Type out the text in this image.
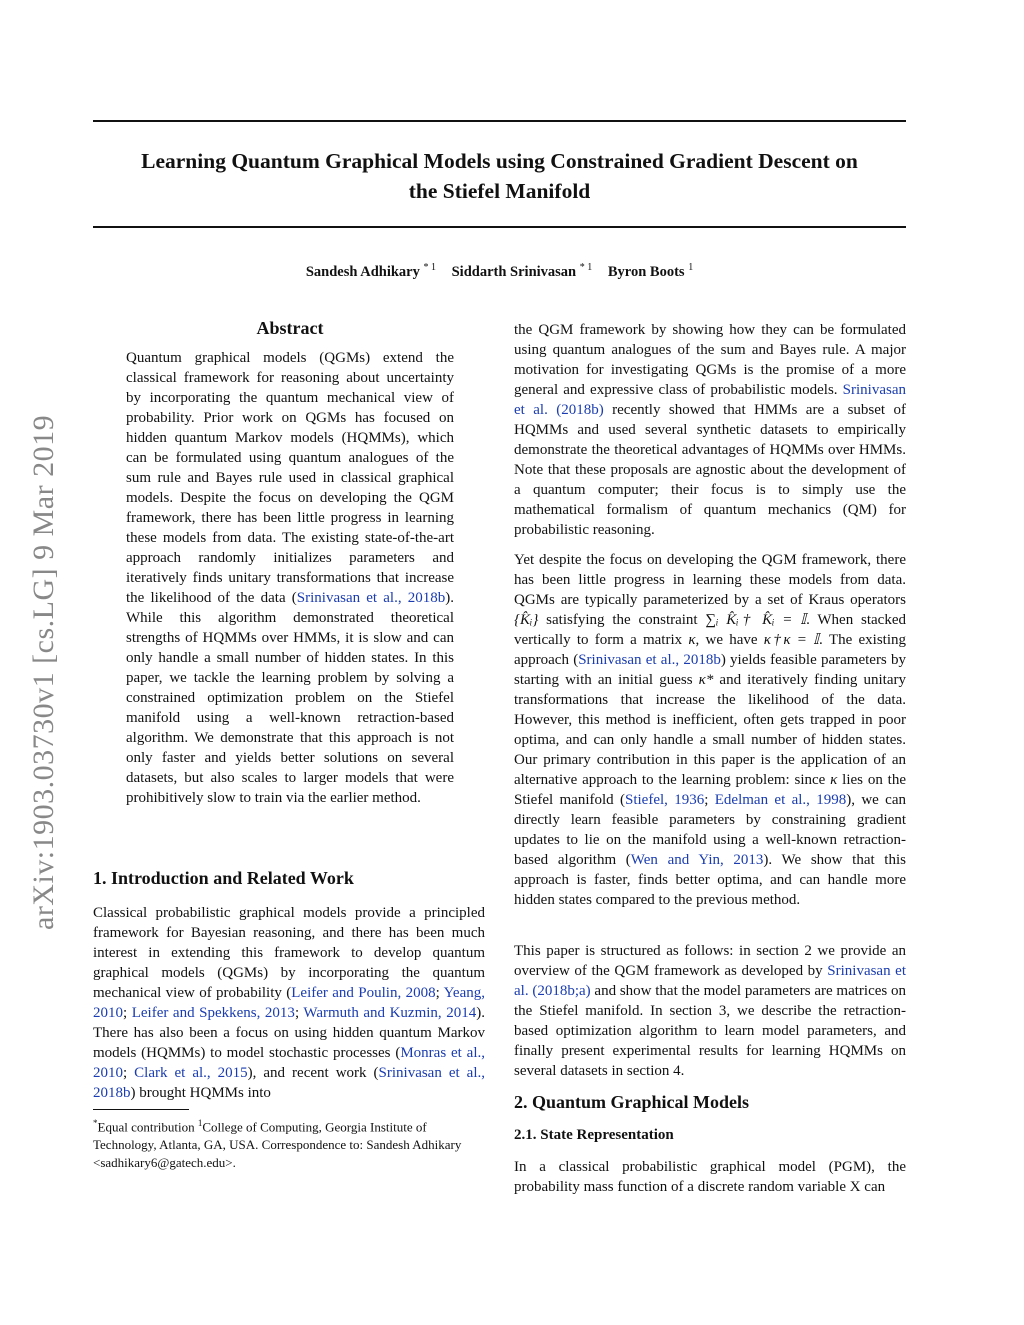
Learning Quantum Graphical Models using Constrained Gradient Descent on
the Stiefel Manifold
Sandesh Adhikary $^{* 1}$ Siddarth Srinivasan $^{* 1}$ Byron Boots $^1$
arXiv:1903.03730v1 [cs.LG] 9 Mar 2019
Abstract

Quantum graphical models (QGMs) extend the classical framework for reasoning about uncertainty by incorporating the quantum mechanical view of probability. Prior work on QGMs has focused on hidden quantum Markov models (HQMMs), which can be formulated using quantum analogues of the sum rule and Bayes rule used in classical graphical models. Despite the focus on developing the QGM framework, there has been little progress in learning these models from data. The existing state-of-the-art approach randomly initializes parameters and iteratively finds unitary transformations that increase the likelihood of the data (Srinivasan et al., 2018b). While this algorithm demonstrated theoretical strengths of HQMMs over HMMs, it is slow and can only handle a small number of hidden states. In this paper, we tackle the learning problem by solving a constrained optimization problem on the Stiefel manifold using a well-known retraction-based algorithm. We demonstrate that this approach is not only faster and yields better solutions on several datasets, but also scales to larger models that were prohibitively slow to train via the earlier method.

1. Introduction and Related Work

Classical probabilistic graphical models provide a principled framework for Bayesian reasoning, and there has been much interest in extending this framework to develop quantum graphical models (QGMs) by incorporating the quantum mechanical view of probability (Leifer and Poulin, 2008; Yeang, 2010; Leifer and Spekkens, 2013; Warmuth and Kuzmin, 2014). There has also been a focus on using hidden quantum Markov models (HQMMs) to model stochastic processes (Monras et al., 2010; Clark et al., 2015), and recent work (Srinivasan et al., 2018b) brought HQMMs into

*Equal contribution $^1$College of Computing, Georgia Institute of Technology, Atlanta, GA, USA. Correspondence to: Sandesh Adhikary <sadhikary6@gatech.edu>.

the QGM framework by showing how they can be formulated using quantum analogues of the sum and Bayes rule. A major motivation for investigating QGMs is the promise of a more general and expressive class of probabilistic models. Srinivasan et al. (2018b) recently showed that HMMs are a subset of HQMMs and used several synthetic datasets to empirically demonstrate the theoretical advantages of HQMMs over HMMs. Note that these proposals are agnostic about the development of a quantum computer; their focus is to simply use the mathematical formalism of quantum mechanics (QM) for probabilistic reasoning.

Yet despite the focus on developing the QGM framework, there has been little progress in learning these models from data. QGMs are typically parameterized by a set of Kraus operators {K̂ᵢ} satisfying the constraint ∑ᵢ K̂ᵢ† K̂ᵢ = 𝕀. When stacked vertically to form a matrix κ, we have κ†κ = 𝕀. The existing approach (Srinivasan et al., 2018b) yields feasible parameters by starting with an initial guess κ* and iteratively finding unitary transformations that increase the likelihood of the data. However, this method is inefficient, often gets trapped in poor optima, and can only handle a small number of hidden states. Our primary contribution in this paper is the application of an alternative approach to the learning problem: since κ lies on the Stiefel manifold (Stiefel, 1936; Edelman et al., 1998), we can directly learn feasible parameters by constraining gradient updates to lie on the manifold using a well-known retraction-based algorithm (Wen and Yin, 2013). We show that this approach is faster, finds better optima, and can handle more hidden states compared to the previous method.

This paper is structured as follows: in section 2 we provide an overview of the QGM framework as developed by Srinivasan et al. (2018b;a) and show that the model parameters are matrices on the Stiefel manifold. In section 3, we describe the retraction-based optimization algorithm to learn model parameters, and finally present experimental results for learning HQMMs on several datasets in section 4.

2. Quantum Graphical Models
2.1. State Representation

In a classical probabilistic graphical model (PGM), the probability mass function of a discrete random variable X can
